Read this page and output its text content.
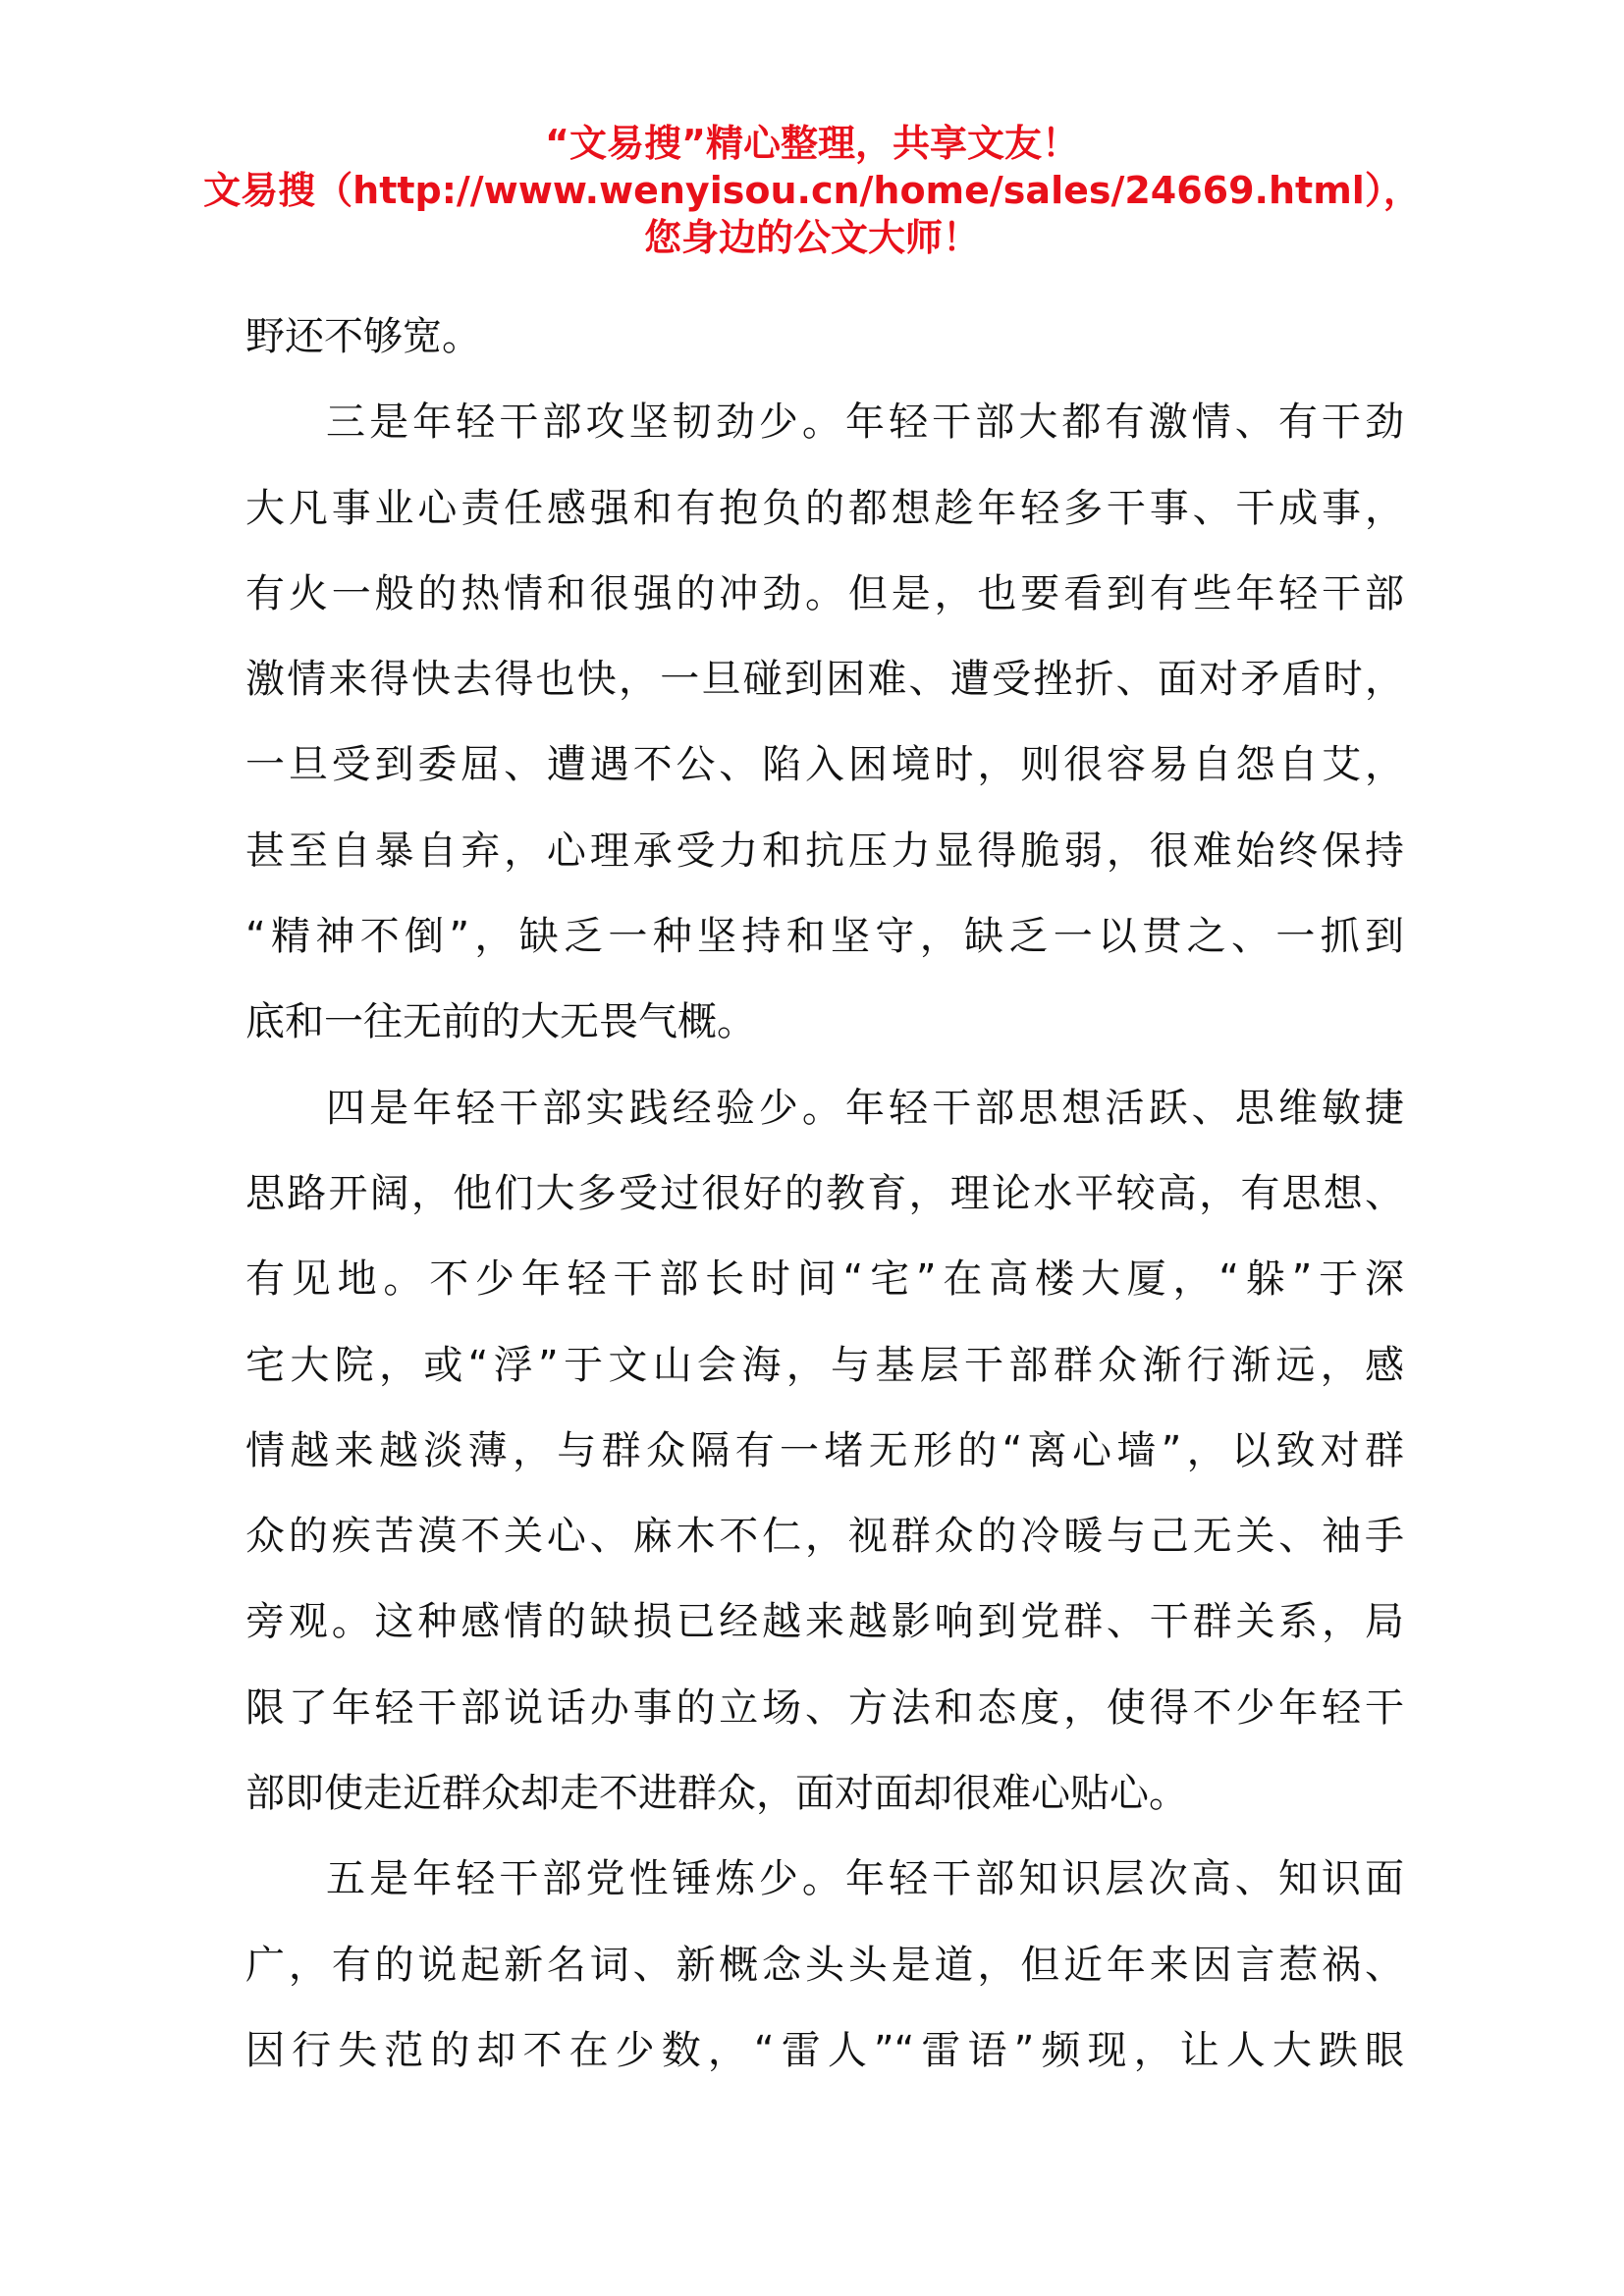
“文易搜”精心整理，共享文友！
文易搜（http://www.wenyisou.cn/home/sales/24669.html），
您身边的公文大师！
野还不够宽。
三是年轻干部攻坚韧劲少。年轻干部大都有激情、有干劲
大凡事业心责任感强和有抱负的都想趁年轻多干事、干成事，
有火一般的热情和很强的冲劲。但是，也要看到有些年轻干部
激情来得快去得也快，一旦碰到困难、遭受挫折、面对矛盾时，
一旦受到委屈、遭遇不公、陷入困境时，则很容易自怨自艾，
甚至自暴自弃，心理承受力和抗压力显得脆弱，很难始终保持
“精神不倒”，缺乏一种坚持和坚守，缺乏一以贯之、一抓到
底和一往无前的大无畏气概。
四是年轻干部实践经验少。年轻干部思想活跃、思维敏捷
思路开阔，他们大多受过很好的教育，理论水平较高，有思想、
有见地。不少年轻干部长时间“宅”在高楼大厦，“躲”于深
宅大院，或“浮”于文山会海，与基层干部群众渐行渐远，感
情越来越淡薄，与群众隔有一堵无形的“离心墙”，以致对群
众的疾苦漠不关心、麻木不仁，视群众的冷暖与己无关、袖手
旁观。这种感情的缺损已经越来越影响到党群、干群关系，局
限了年轻干部说话办事的立场、方法和态度，使得不少年轻干
部即使走近群众却走不进群众，面对面却很难心贴心。
五是年轻干部党性锤炼少。年轻干部知识层次高、知识面
广，有的说起新名词、新概念头头是道，但近年来因言惹祸、
因行失范的却不在少数，“雷人”“雷语”频现，让人大跌眼
